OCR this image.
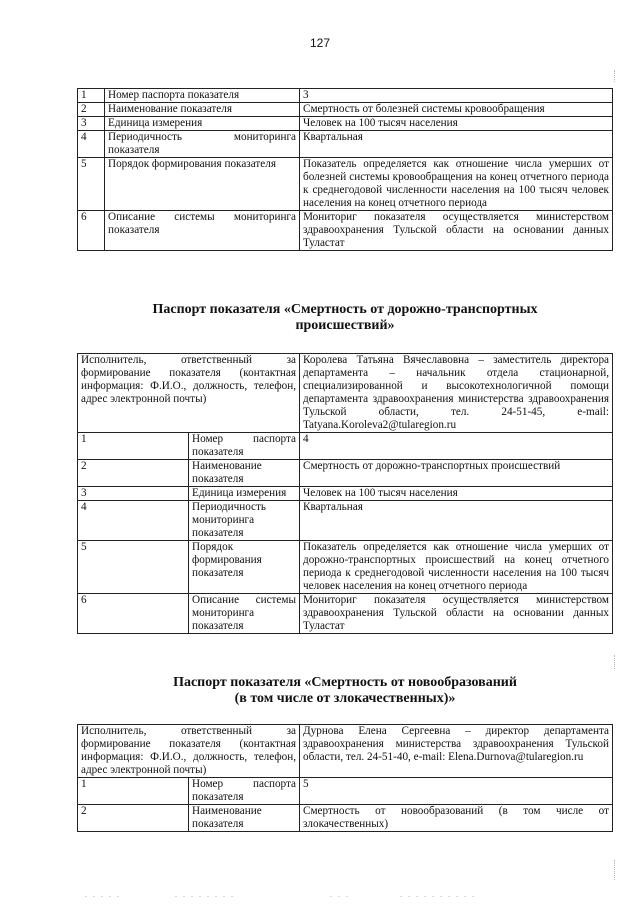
127
1	Номер паспорта показателя	3
2	Наименование показателя	Смертность от болезней системы кровообращения
3	Единица измерения	Человек на 100 тысяч населения
4	Периодичность мониторинга показателя	Квартальная
5	Порядок формирования показателя	Показатель определяется как отношение числа умерших от болезней системы кровообращения на конец отчетного периода к среднегодовой численности населения на 100 тысяч человек населения на конец отчетного периода
6	Описание системы мониторинга показателя	Мониториг показателя осуществляется министерством здравоохранения Тульской области на основании данных Туластат
Паспорт показателя «Смертность от дорожно-транспортных
происшествий»
Исполнитель, ответственный за формирование показателя (контактная информация: Ф.И.О., должность, телефон, адрес электронной почты)		Королева Татьяна Вячеславовна – заместитель директора департамента – начальник отдела стационарной, специализированной и высокотехнологичной помощи департамента здравоохранения министерства здравоохранения Тульской области, тел. 24-51-45, e-mail: Tatyana.Koroleva2@tularegion.ru
1	Номер паспорта показателя	4
2	Наименование показателя	Смертность от дорожно-транспортных происшествий
3	Единица измерения	Человек на 100 тысяч населения
4	Периодичность мониторинга показателя	Квартальная
5	Порядок формирования показателя	Показатель определяется как отношение числа умерших от дорожно-транспортных происшествий на конец отчетного периода к среднегодовой численности населения на 100 тысяч человек населения на конец отчетного периода
6	Описание системы мониторинга показателя	Мониториг показателя осуществляется министерством здравоохранения Тульской области на основании данных Туластат
Паспорт показателя «Смертность от новообразований
(в том числе от злокачественных)»
Исполнитель, ответственный за формирование показателя (контактная информация: Ф.И.О., должность, телефон, адрес электронной почты)		Дурнова Елена Сергеевна – директор департамента здравоохранения министерства здравоохранения Тульской области, тел. 24-51-40, e-mail: Elena.Durnova@tularegion.ru
1	Номер паспорта показателя	5
2	Наименование показателя	Смертность от новообразований (в том числе от злокачественных)
. . . . .	. . . . . . . .	. . .	. . . . . . . . . .
